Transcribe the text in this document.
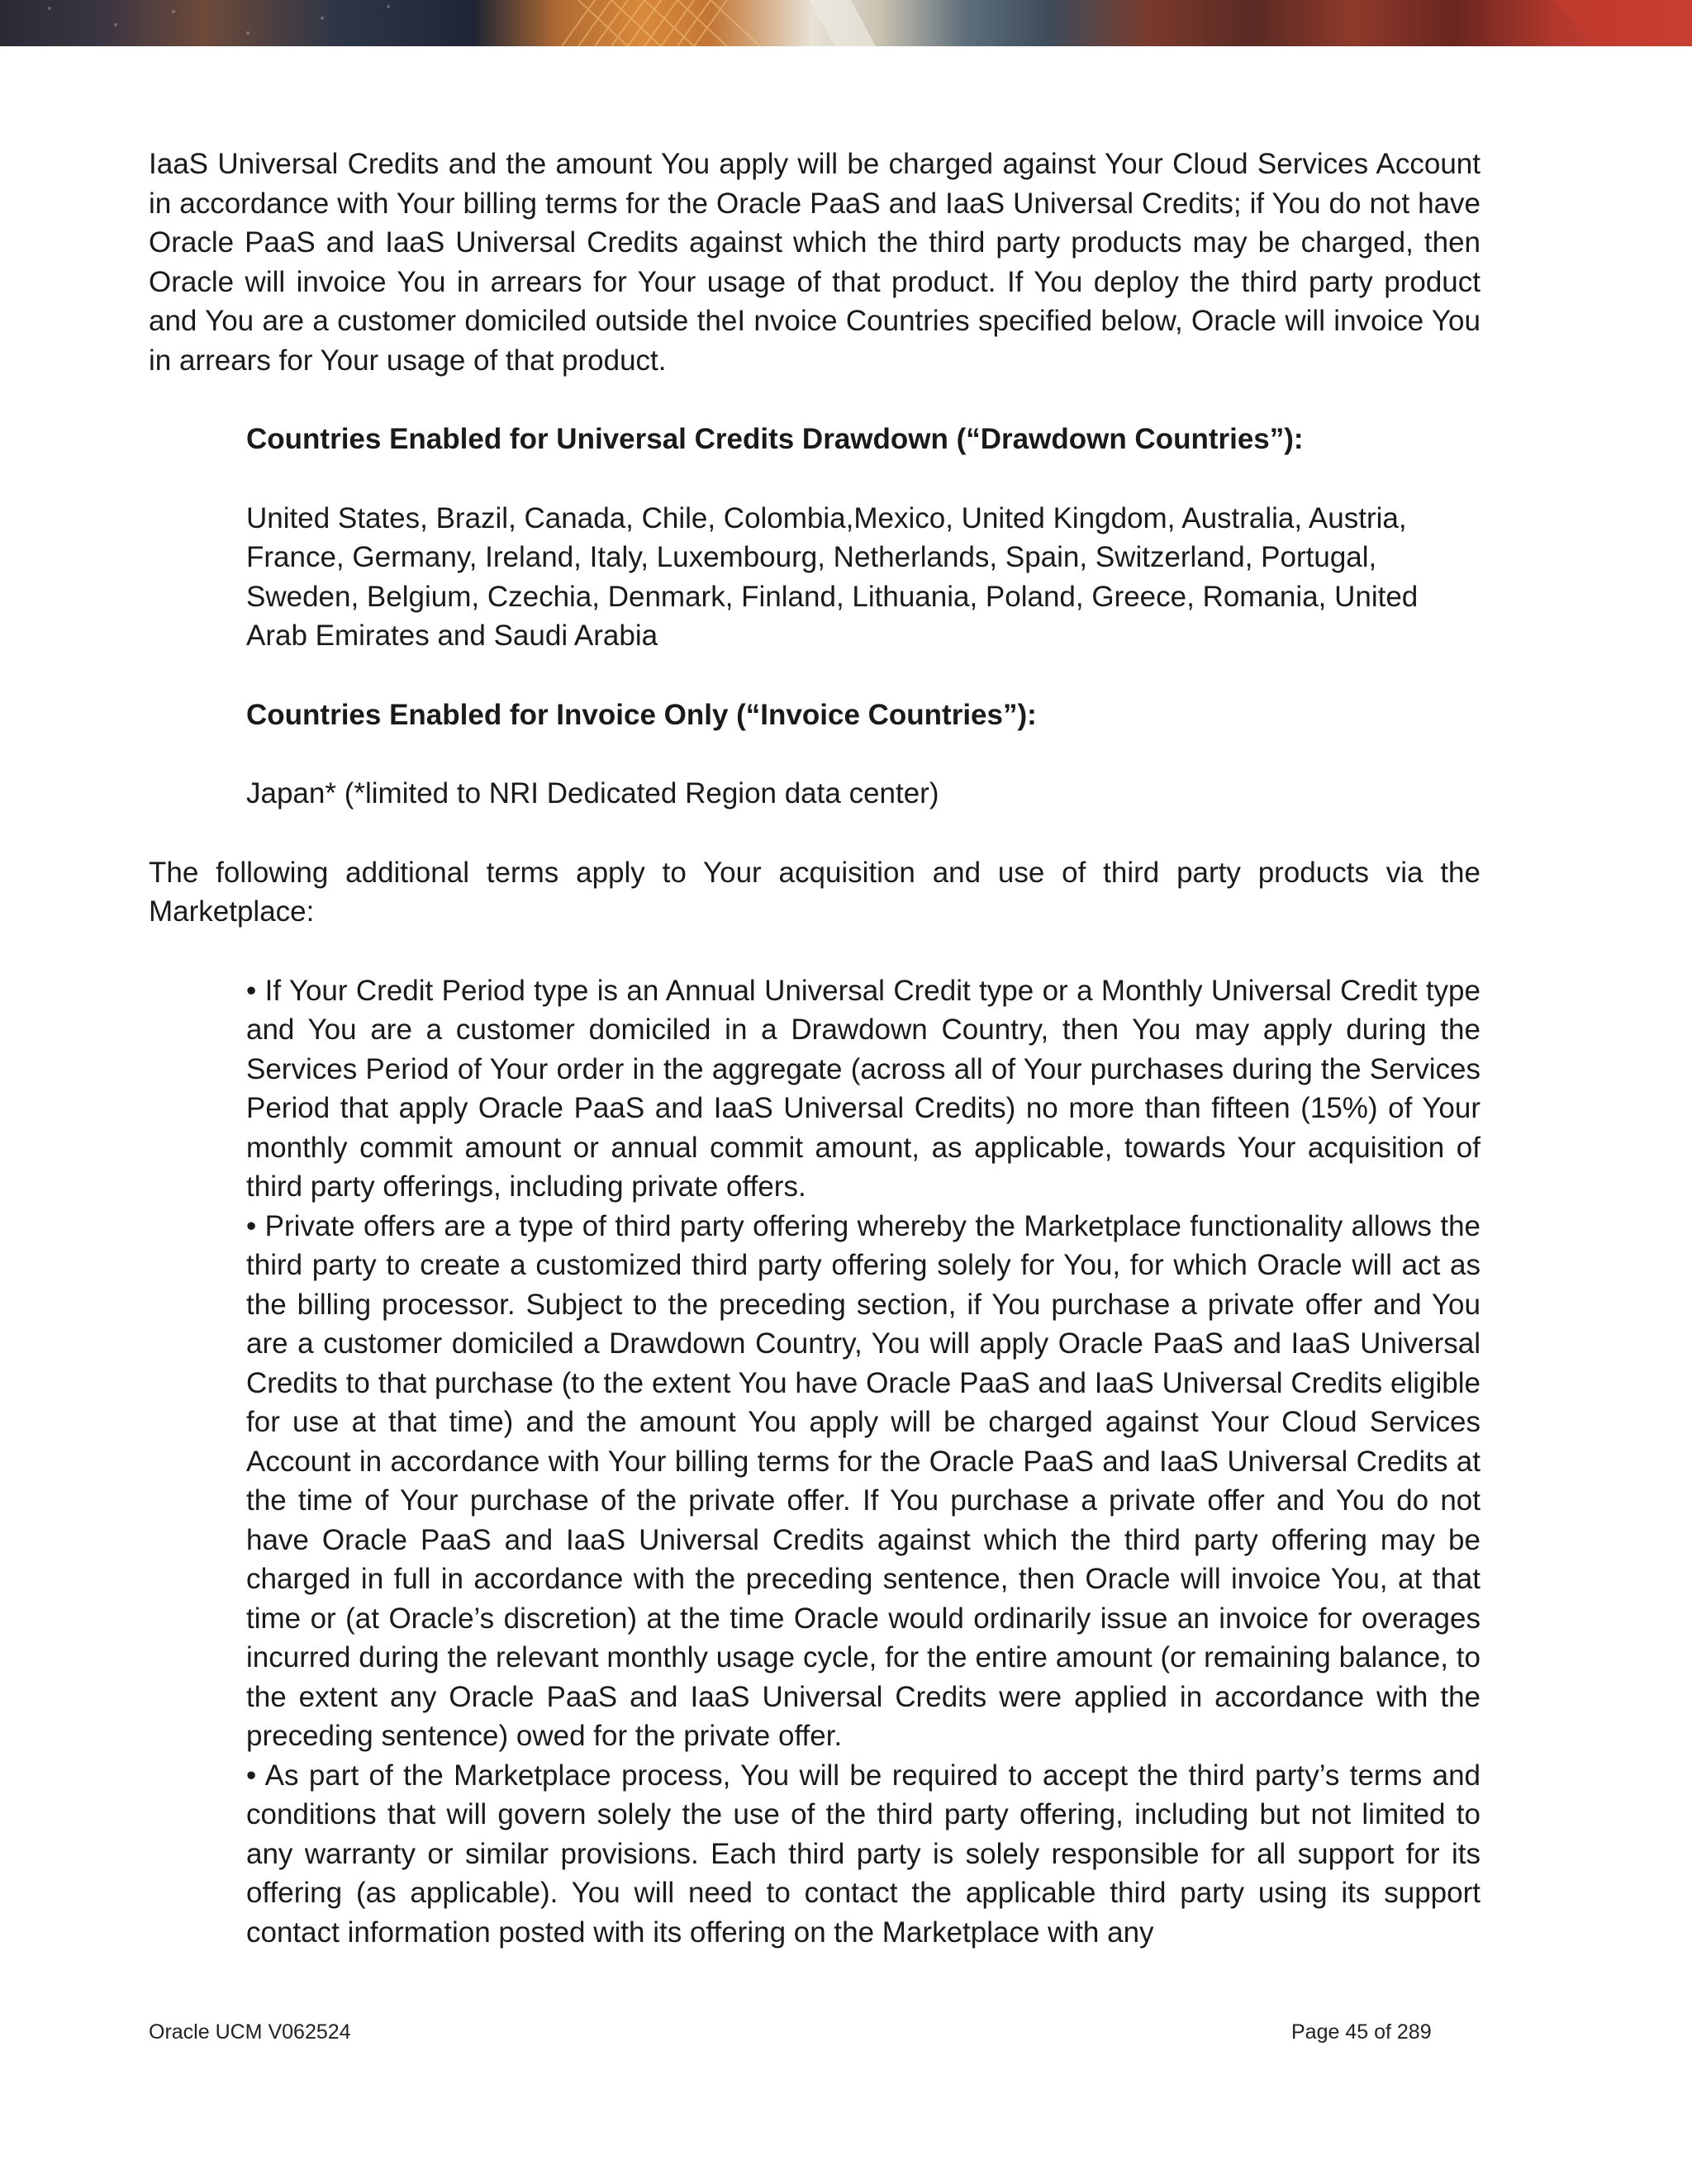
IaaS Universal Credits and the amount You apply will be charged against Your Cloud Services Account in accordance with Your billing terms for the Oracle PaaS and IaaS Universal Credits; if You do not have Oracle PaaS and IaaS Universal Credits against which the third party products may be charged, then Oracle will invoice You in arrears for Your usage of that product. If You deploy the third party product and You are a customer domiciled outside theI nvoice Countries specified below, Oracle will invoice You in arrears for Your usage of that product.

Countries Enabled for Universal Credits Drawdown (“Drawdown Countries”):

United States, Brazil, Canada, Chile, Colombia,Mexico, United Kingdom, Australia, Austria, France, Germany, Ireland, Italy, Luxembourg, Netherlands, Spain, Switzerland, Portugal, Sweden, Belgium, Czechia, Denmark, Finland, Lithuania, Poland, Greece, Romania, United Arab Emirates and Saudi Arabia

Countries Enabled for Invoice Only (“Invoice Countries”):

Japan* (*limited to NRI Dedicated Region data center)

The following additional terms apply to Your acquisition and use of third party products via the Marketplace:

• If Your Credit Period type is an Annual Universal Credit type or a Monthly Universal Credit type and You are a customer domiciled in a Drawdown Country, then You may apply during the Services Period of Your order in the aggregate (across all of Your purchases during the Services Period that apply Oracle PaaS and IaaS Universal Credits) no more than fifteen (15%) of Your monthly commit amount or annual commit amount, as applicable, towards Your acquisition of third party offerings, including private offers.

• Private offers are a type of third party offering whereby the Marketplace functionality allows the third party to create a customized third party offering solely for You, for which Oracle will act as the billing processor. Subject to the preceding section, if You purchase a private offer and You are a customer domiciled a Drawdown Country, You will apply Oracle PaaS and IaaS Universal Credits to that purchase (to the extent You have Oracle PaaS and IaaS Universal Credits eligible for use at that time) and the amount You apply will be charged against Your Cloud Services Account in accordance with Your billing terms for the Oracle PaaS and IaaS Universal Credits at the time of Your purchase of the private offer. If You purchase a private offer and You do not have Oracle PaaS and IaaS Universal Credits against which the third party offering may be charged in full in accordance with the preceding sentence, then Oracle will invoice You, at that time or (at Oracle’s discretion) at the time Oracle would ordinarily issue an invoice for overages incurred during the relevant monthly usage cycle, for the entire amount (or remaining balance, to the extent any Oracle PaaS and IaaS Universal Credits were applied in accordance with the preceding sentence) owed for the private offer.

• As part of the Marketplace process, You will be required to accept the third party’s terms and conditions that will govern solely the use of the third party offering, including but not limited to any warranty or similar provisions. Each third party is solely responsible for all support for its offering (as applicable). You will need to contact the applicable third party using its support contact information posted with its offering on the Marketplace with any

Oracle UCM V062524	Page 45 of 289
